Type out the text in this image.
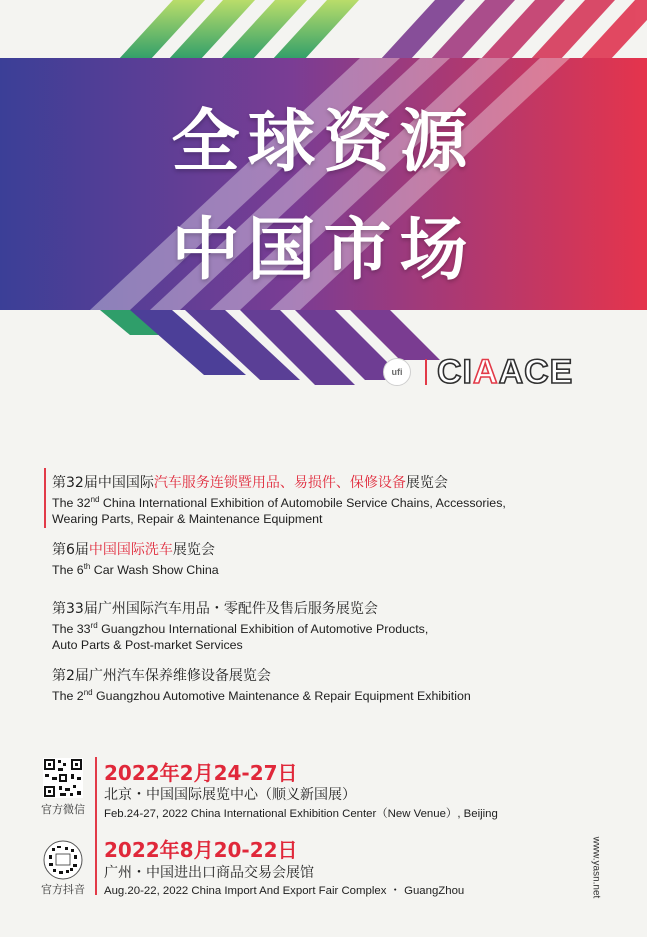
全球资源
中国市场
ufi CIAACE
第32届中国国际汽车服务连锁暨用品、易损件、保修设备展览会
The 32nd China International Exhibition of Automobile Service Chains, Accessories,
Wearing Parts, Repair & Maintenance Equipment
第6届中国国际洗车展览会
The 6th Car Wash Show China
第33届广州国际汽车用品・零配件及售后服务展览会
The 33rd Guangzhou International Exhibition of Automotive Products,
Auto Parts & Post-market Services
第2届广州汽车保养维修设备展览会
The 2nd Guangzhou Automotive Maintenance & Repair Equipment Exhibition
官方微信
官方抖音
2022年2月24-27日
北京・中国国际展览中心（顺义新国展）
Feb.24-27, 2022 China International Exhibition Center（New Venue）, Beijing
2022年8月20-22日
广州・中国进出口商品交易会展馆
Aug.20-22, 2022 China Import And Export Fair Complex ・ GuangZhou	www.yasn.net
